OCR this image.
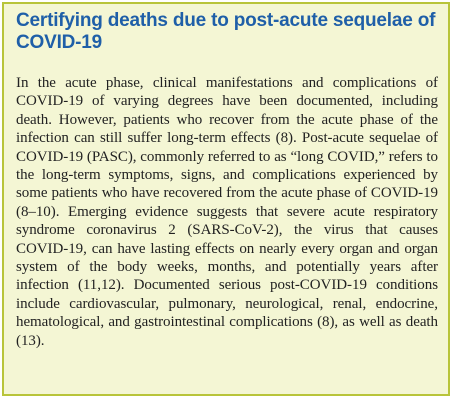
Certifying deaths due to post-acute sequelae of COVID-19

In the acute phase, clinical manifestations and complications of COVID-19 of varying degrees have been documented, including death. However, patients who recover from the acute phase of the infection can still suffer long-term effects (8). Post-acute sequelae of COVID-19 (PASC), commonly referred to as “long COVID,” refers to the long-term symptoms, signs, and complications experienced by some patients who have recovered from the acute phase of COVID-19 (8–10). Emerging evidence suggests that severe acute respiratory syndrome coronavirus 2 (SARS-CoV-2), the virus that causes COVID-19, can have lasting effects on nearly every organ and organ system of the body weeks, months, and potentially years after infection (11,12). Documented serious post-COVID-19 conditions include cardiovascular, pulmonary, neurological, renal, endocrine, hematological, and gastrointestinal complications (8), as well as death (13).
